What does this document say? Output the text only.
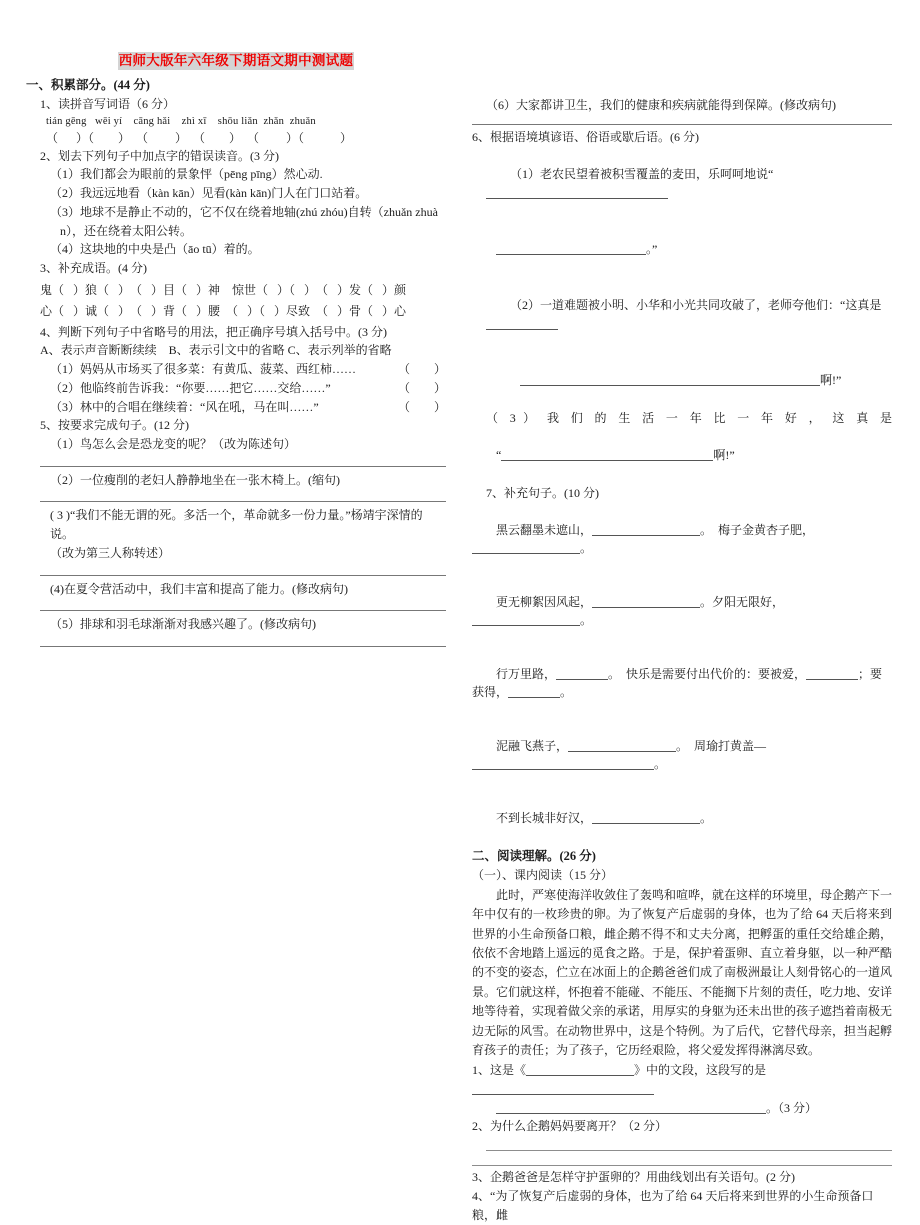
西师大版年六年级下期语文期中测试题
一、积累部分。(44 分)
1、读拼音写词语（6 分）
tián gēng   wēi yí    cāng hǎi    zhì xī    shōu liǎn  zhǎn  zhuǎn
（      ）（        ）  （         ）  （        ）  （         ）（            ）
2、划去下列句子中加点字的错误读音。(3 分)
（1）我们都会为眼前的景象怦（pēng pīng）然心动.
（2）我远远地看（kàn kān）见看(kàn kān)门人在门口站着。
（3）地球不是静止不动的，它不仅在绕着地轴(zhú zhóu)自转（zhuǎn zhuà
n），还在绕着太阳公转。
（4）这块地的中央是凸（āo tū）着的。
3、补充成语。(4 分)
鬼（   ）狼（   ）　（   ）目（   ）神　惊世（   ）（   ）　（   ）发（   ）颜
心（   ）诚（   ）　（   ）背（   ）腰　（   ）（   ）尽致　（   ）骨（   ）心
4、判断下列句子中省略号的用法，把正确序号填入括号中。(3 分)
A、表示声音断断续续　B、表示引文中的省略 C、表示列举的省略
（1）妈妈从市场买了很多菜：有黄瓜、菠菜、西红柿……	（        ）
（2）他临终前告诉我：“你要……把它……交给……”	（        ）
（3）林中的合唱在继续着：“风在吼，马在叫……”	（        ）
5、按要求完成句子。(12 分)
（1）鸟怎么会是恐龙变的呢？（改为陈述句）
（2）一位瘦削的老妇人静静地坐在一张木椅上。(缩句)
( 3 )“我们不能无谓的死。多活一个，革命就多一份力量。”杨靖宇深情的说。
（改为第三人称转述）
(4)在夏令营活动中，我们丰富和提高了能力。(修改病句)
（5）排球和羽毛球渐渐对我感兴趣了。(修改病句)
（6）大家都讲卫生，我们的健康和疾病就能得到保障。(修改病句)
6、根据语境填谚语、俗语或歇后语。(6 分)

（1）老农民望着被积雪覆盖的麦田，乐呵呵地说“

。”

（2）一道难题被小明、小华和小光共同攻破了，老师夸他们：“这真是

啊!”

（ 3 ） 我 们 的 生 活 一 年 比 一 年 好 ， 这 真 是

“	啊!”

7、补充句子。(10 分)

黑云翻墨未遮山，	。 梅子金黄杏子肥，。

更无柳絮因风起，	。夕阳无限好，。

行万里路，	。 快乐是需要付出代价的：要被爱，	；要获得，	。

泥融飞燕子，	。 周瑜打黄盖—。

不到长城非好汉，	。

二、阅读理解。(26 分)
（一）、课内阅读（15 分）
此时，严寒使海洋收敛住了轰鸣和喧哗，就在这样的环境里，母企鹅产下一年中仅有的一枚珍贵的卵。为了恢复产后虚弱的身体，也为了给 64 天后将来到世界的小生命预备口粮，雌企鹅不得不和丈夫分离，把孵蛋的重任交给雄企鹅，依依不舍地踏上遥远的觅食之路。于是，保护着蛋卵、直立着身躯，以一种严酷的不变的姿态，伫立在冰面上的企鹅爸爸们成了南极洲最让人刻骨铭心的一道风景。它们就这样，怀抱着不能碰、不能压、不能搁下片刻的责任，吃力地、安详地等待着，实现着做父亲的承诺，用厚实的身躯为还未出世的孩子遮挡着南极无边无际的风雪。在动物世界中，这是个特例。为了后代，它替代母亲，担当起孵育孩子的责任；为了孩子，它历经艰险，将父爱发挥得淋漓尽致。
1、这是《	》中的文段，这段写的是
。（3 分）
2、为什么企鹅妈妈要离开？（2 分）
3、企鹅爸爸是怎样守护蛋卵的？用曲线划出有关语句。(2 分)
4、“为了恢复产后虚弱的身体，也为了给 64 天后将来到世界的小生命预备口粮，雌
